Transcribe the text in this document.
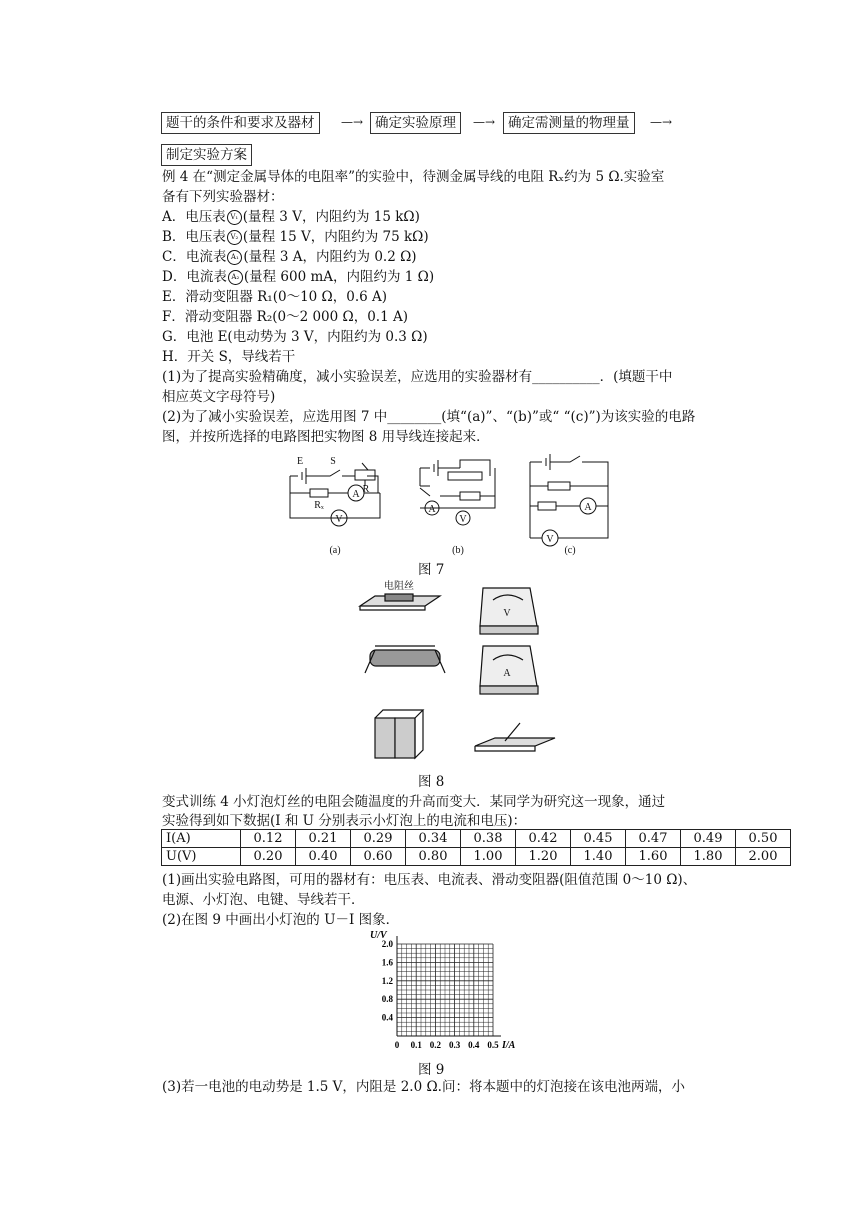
题干的条件和要求及器材	—→ 确定实验原理	—→ 确定需测量的物理量	—→
制定实验方案
例 4 在“测定金属导体的电阻率”的实验中，待测金属导线的电阻 Rₓ约为 5 Ω.实验室
备有下列实验器材：
A．电压表 V₁ (量程 3 V，内阻约为 15 kΩ)
B．电压表 V₂ (量程 15 V，内阻约为 75 kΩ)
C．电流表 A₁ (量程 3 A，内阻约为 0.2 Ω)
D．电流表 A₂ (量程 600 mA，内阻约为 1 Ω)
E．滑动变阻器 R₁(0～10 Ω，0.6 A)
F．滑动变阻器 R₂(0～2 000 Ω，0.1 A)
G．电池 E(电动势为 3 V，内阻约为 0.3 Ω)
H．开关 S，导线若干
(1)为了提高实验精确度，减小实验误差，应选用的实验器材有__________．(填题干中
相应英文字母符号)
(2)为了减小实验误差，应选用图 7 中________(填“(a)”、“(b)”或“ “(c)”)为该实验的电路
图，并按所选择的电路图把实物图 8 用导线连接起来．
(a)	(b)	(c)
E	S
R
Rₓ
A
V
A
V
A
V
图 7
电阻丝
V
A
图 8
变式训练 4 小灯泡灯丝的电阻会随温度的升高而变大．某同学为研究这一现象，通过
实验得到如下数据(I 和 U 分别表示小灯泡上的电流和电压)：
I(A)	0.12	0.21	0.29	0.34	0.38	0.42	0.45	0.47	0.49	0.50
U(V)	0.20	0.40	0.60	0.80	1.00	1.20	1.40	1.60	1.80	2.00
(1)画出实验电路图，可用的器材有：电压表、电流表、滑动变阻器(阻值范围 0～10 Ω)、
电源、小灯泡、电键、导线若干．
(2)在图 9 中画出小灯泡的 U－I 图象．
U/V
I/A
0.4
0.8
1.2
1.6
2.0
0 0.1 0.2 0.3 0.4 0.5
图 9
(3)若一电池的电动势是 1.5 V，内阻是 2.0 Ω.问：将本题中的灯泡接在该电池两端，小
